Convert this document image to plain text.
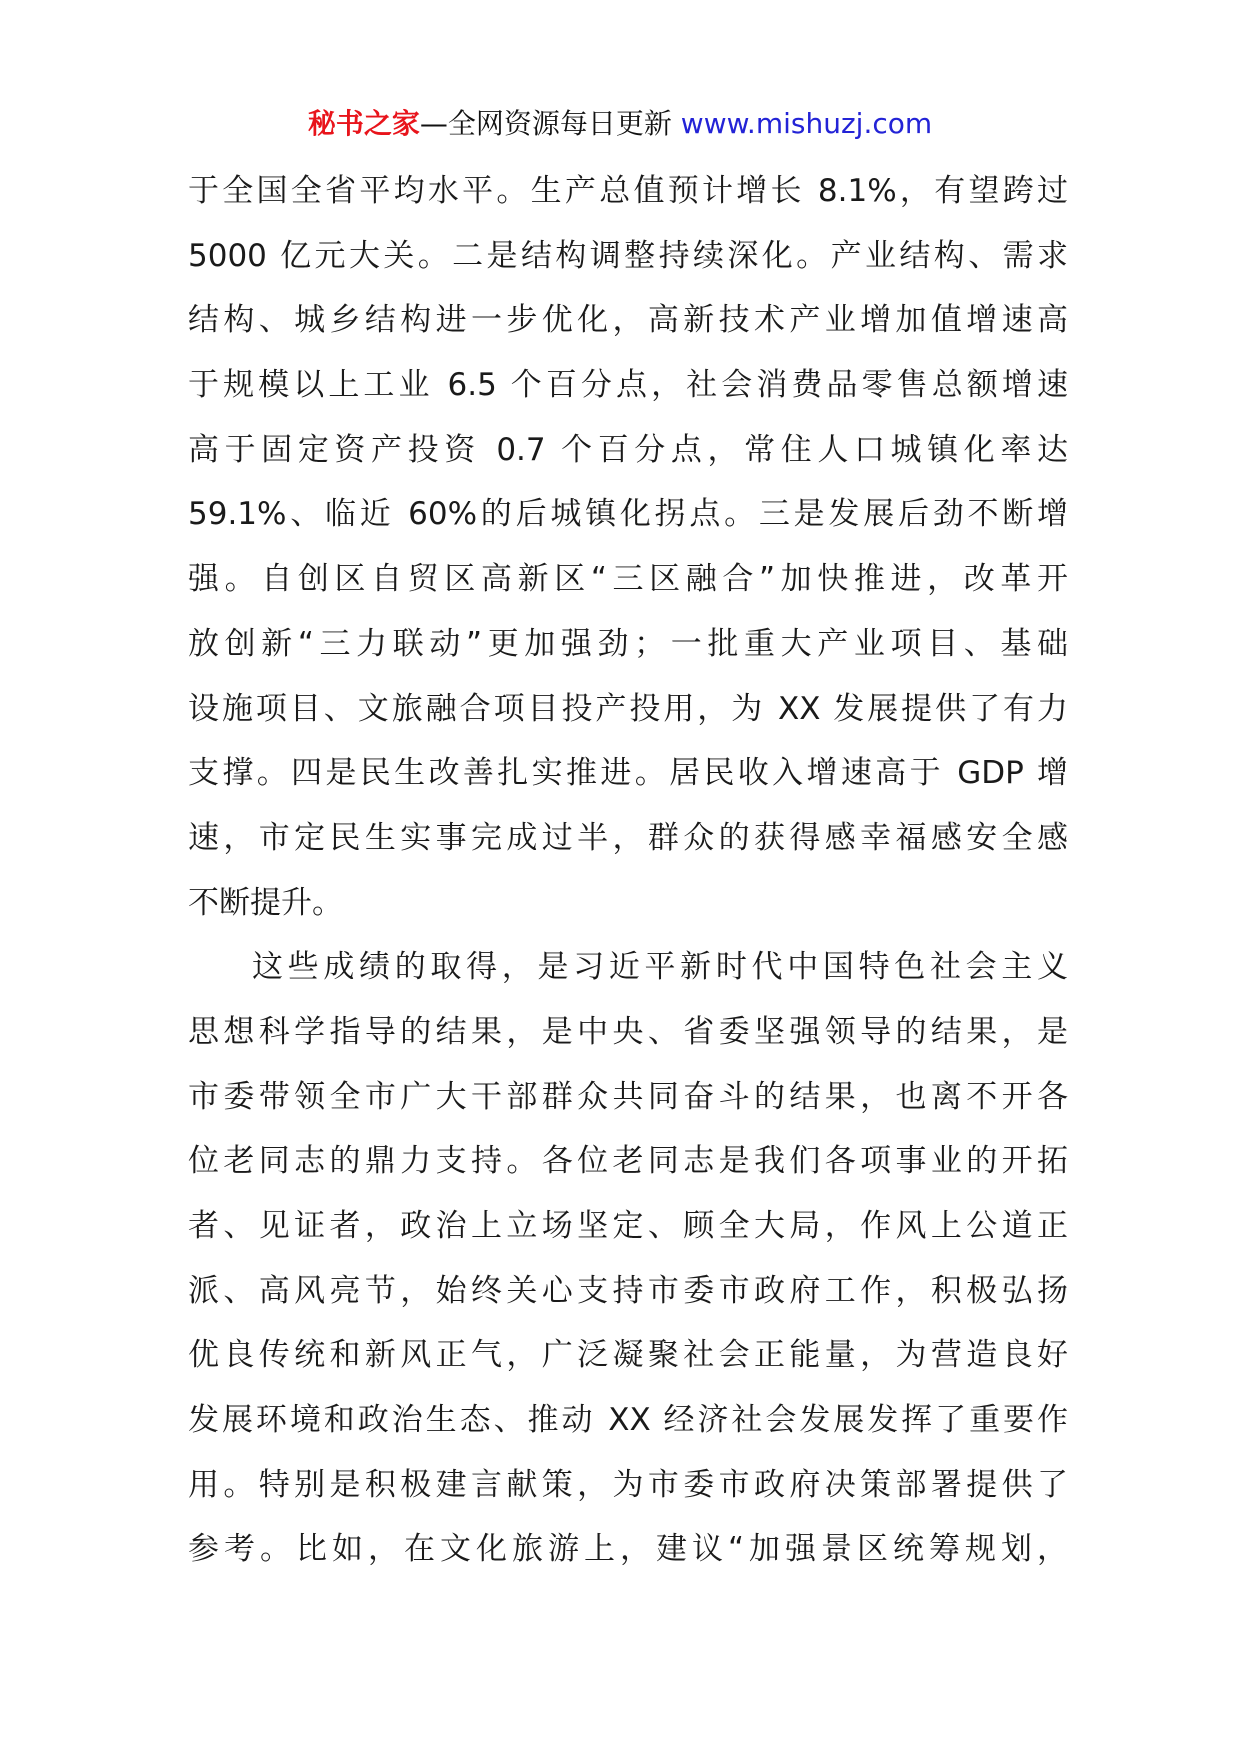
秘书之家—全网资源每日更新 www.mishuzj.com
于全国全省平均水平。生产总值预计增长 8.1%，有望跨过
5000 亿元大关。二是结构调整持续深化。产业结构、需求
结构、城乡结构进一步优化，高新技术产业增加值增速高
于规模以上工业 6.5 个百分点，社会消费品零售总额增速
高于固定资产投资 0.7 个百分点，常住人口城镇化率达
59.1%、临近 60%的后城镇化拐点。三是发展后劲不断增
强。自创区自贸区高新区“三区融合”加快推进，改革开
放创新“三力联动”更加强劲；一批重大产业项目、基础
设施项目、文旅融合项目投产投用，为 XX 发展提供了有力
支撑。四是民生改善扎实推进。居民收入增速高于 GDP 增
速，市定民生实事完成过半，群众的获得感幸福感安全感
不断提升。
这些成绩的取得，是习近平新时代中国特色社会主义
思想科学指导的结果，是中央、省委坚强领导的结果，是
市委带领全市广大干部群众共同奋斗的结果，也离不开各
位老同志的鼎力支持。各位老同志是我们各项事业的开拓
者、见证者，政治上立场坚定、顾全大局，作风上公道正
派、高风亮节，始终关心支持市委市政府工作，积极弘扬
优良传统和新风正气，广泛凝聚社会正能量，为营造良好
发展环境和政治生态、推动 XX 经济社会发展发挥了重要作
用。特别是积极建言献策，为市委市政府决策部署提供了
参考。比如，在文化旅游上，建议“加强景区统筹规划，
